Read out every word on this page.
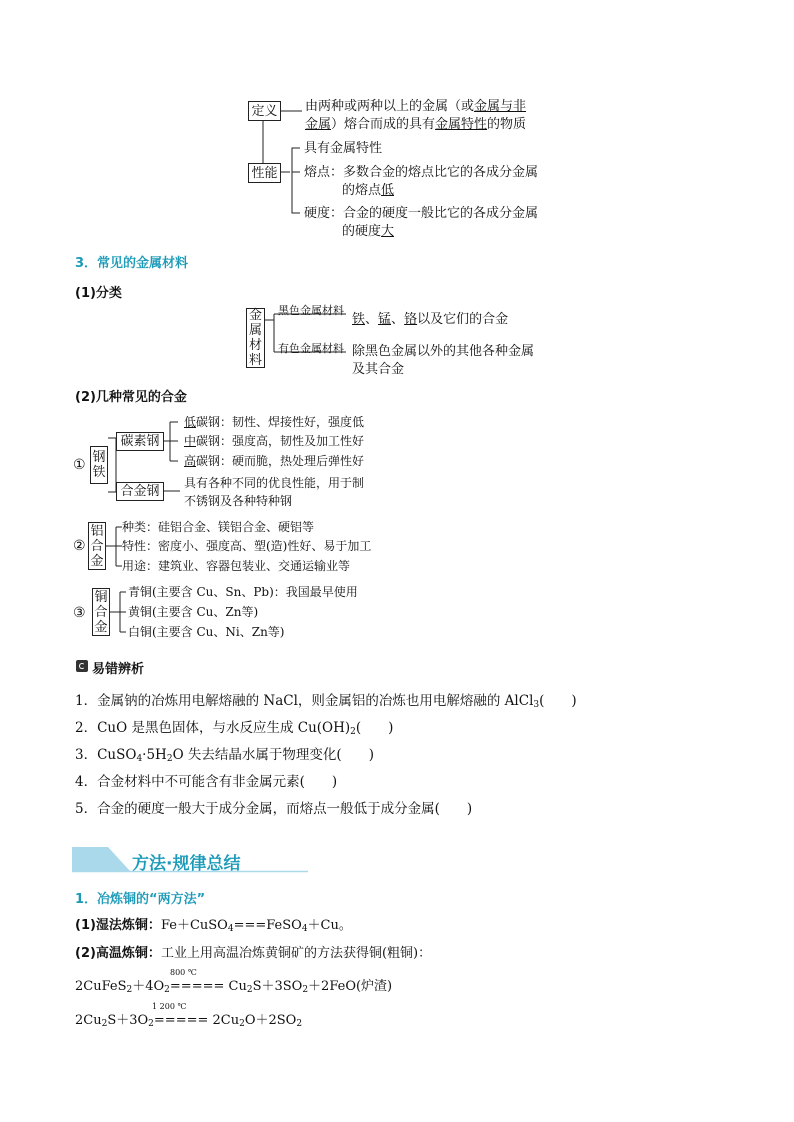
定义 由两种或两种以上的金属（或金属与非
金属）熔合而成的具有金属特性的物质
性能
具有金属特性
熔点：多数合金的熔点比它的各成分金属
的熔点低
硬度：合金的硬度一般比它的各成分金属
的硬度大
3．常见的金属材料
(1)分类
金
属
材
料
黑色金属材料
铁、锰、铬以及它们的合金
有色金属材料 除黑色金属以外的其他各种金属
及其合金
(2)几种常见的合金
① 钢
铁
碳素钢
低碳钢：韧性、焊接性好，强度低
中碳钢：强度高，韧性及加工性好
高碳钢：硬而脆，热处理后弹性好
合金钢
具有各种不同的优良性能，用于制
不锈钢及各种特种钢
②
铝
合
金
种类：硅铝合金、镁铝合金、硬铝等
特性：密度小、强度高、塑(造)性好、易于加工
用途：建筑业、容器包装业、交通运输业等
③
铜
合
金
青铜(主要含 Cu、Sn、Pb)：我国最早使用
黄铜(主要含 Cu、Zn等)
白铜(主要含 Cu、Ni、Zn等)
易错辨析
1．金属钠的冶炼用电解熔融的 NaCl，则金属铝的冶炼也用电解熔融的 AlCl$_3$(　　)
2．CuO 是黑色固体，与水反应生成 $Cu(OH)_2$(　　)
3．$CuSO_4\cdot 5H_2O$ 失去结晶水属于物理变化(　　)
4．合金材料中不可能含有非金属元素(　　)
5．合金的硬度一般大于成分金属，而熔点一般低于成分金属(　　)
方法·规律总结
1．冶炼铜的“两方法”
(1)湿法炼铜：Fe＋CuSO$_4$===FeSO$_4$＋Cu。
(2)高温炼铜：工业上用高温冶炼黄铜矿的方法获得铜(粗铜)：
800 ℃
$2CuFeS_2+4O_2===== Cu_2S+3SO_2+2FeO$(炉渣)
1 200 ℃
$2Cu_2S+3O_2===== 2Cu_2O+2SO_2$
